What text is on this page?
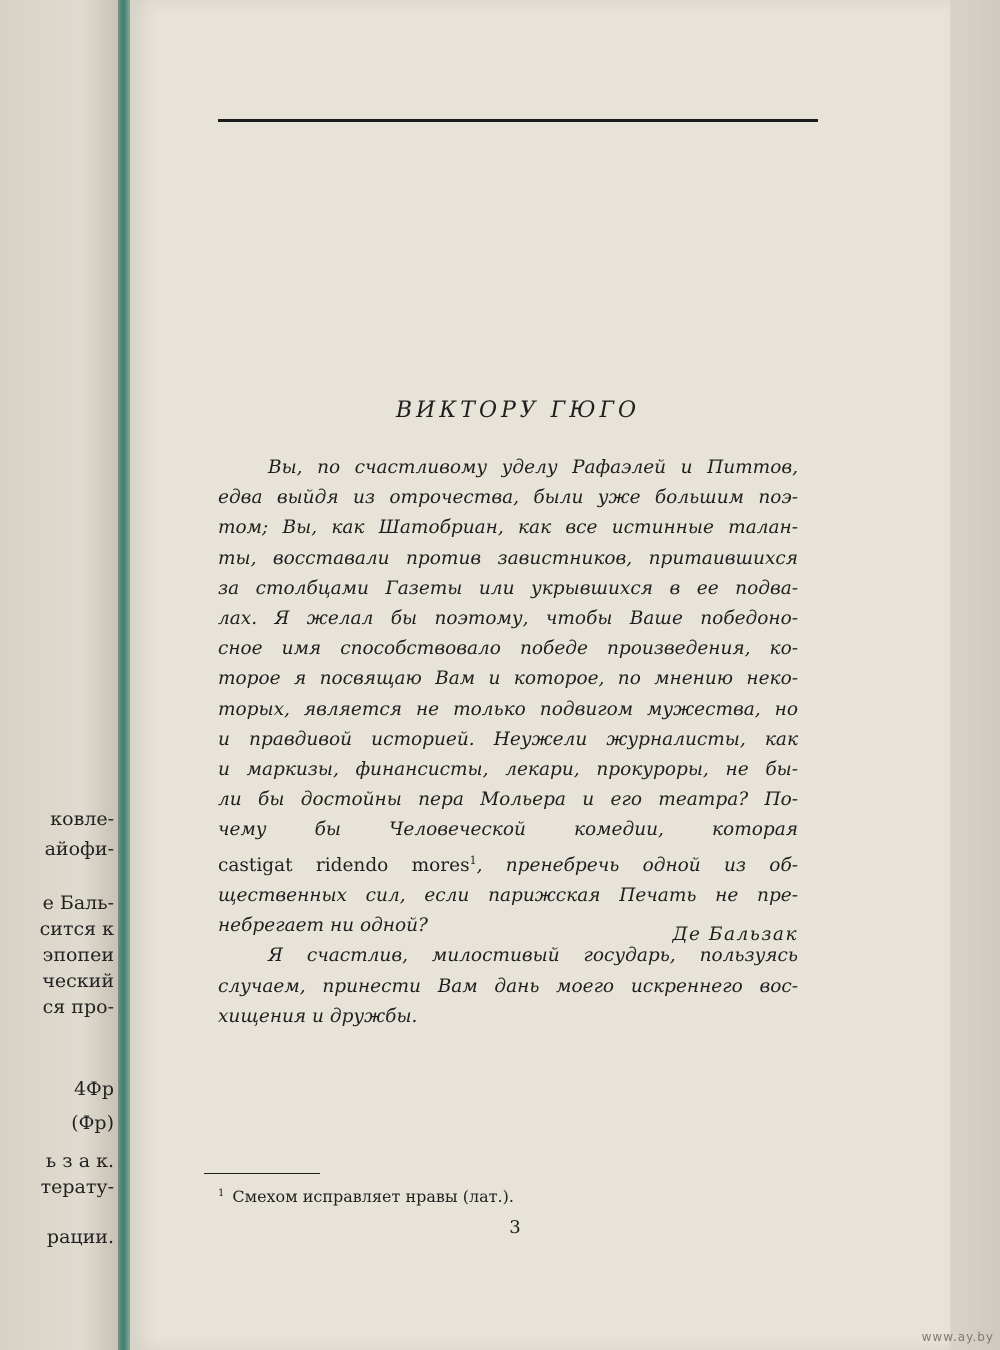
кoвле-
айофи-
е Баль-
сится к
эпопеи
ческий
ся про-
4Фр
(Фр)
ь з а к.
терату-
рации.
ВИКТОРУ ГЮГО
Вы, по счастливому уделу Рафаэлей и Питтов,
едва выйдя из отрочества, были уже большим поэ-
том; Вы, как Шатобриан, как все истинные талан-
ты, восставали против завистников, притаившихся
за столбцами Газеты или укрывшихся в ее подва-
лах. Я желал бы поэтому, чтобы Ваше победоно-
сное имя способствовало победе произведения, ко-
торое я посвящаю Вам и которое, по мнению неко-
торых, является не только подвигом мужества, но
и правдивой историей. Неужели журналисты, как
и маркизы, финансисты, лекари, прокуроры, не бы-
ли бы достойны пера Мольера и его театра? По-
чему бы Человеческой комедии, которая
castigat ridendo mores$^1$, пренебречь одной из об-
щественных сил, если парижская Печать не пре-
небрегает ни одной?
Я счастлив, милостивый государь, пользуясь
случаем, принести Вам дань моего искреннего вос-
хищения и дружбы.
Де Бальзак
$^1$ Смехом исправляет нравы (лат.).
3
www.ay.by
